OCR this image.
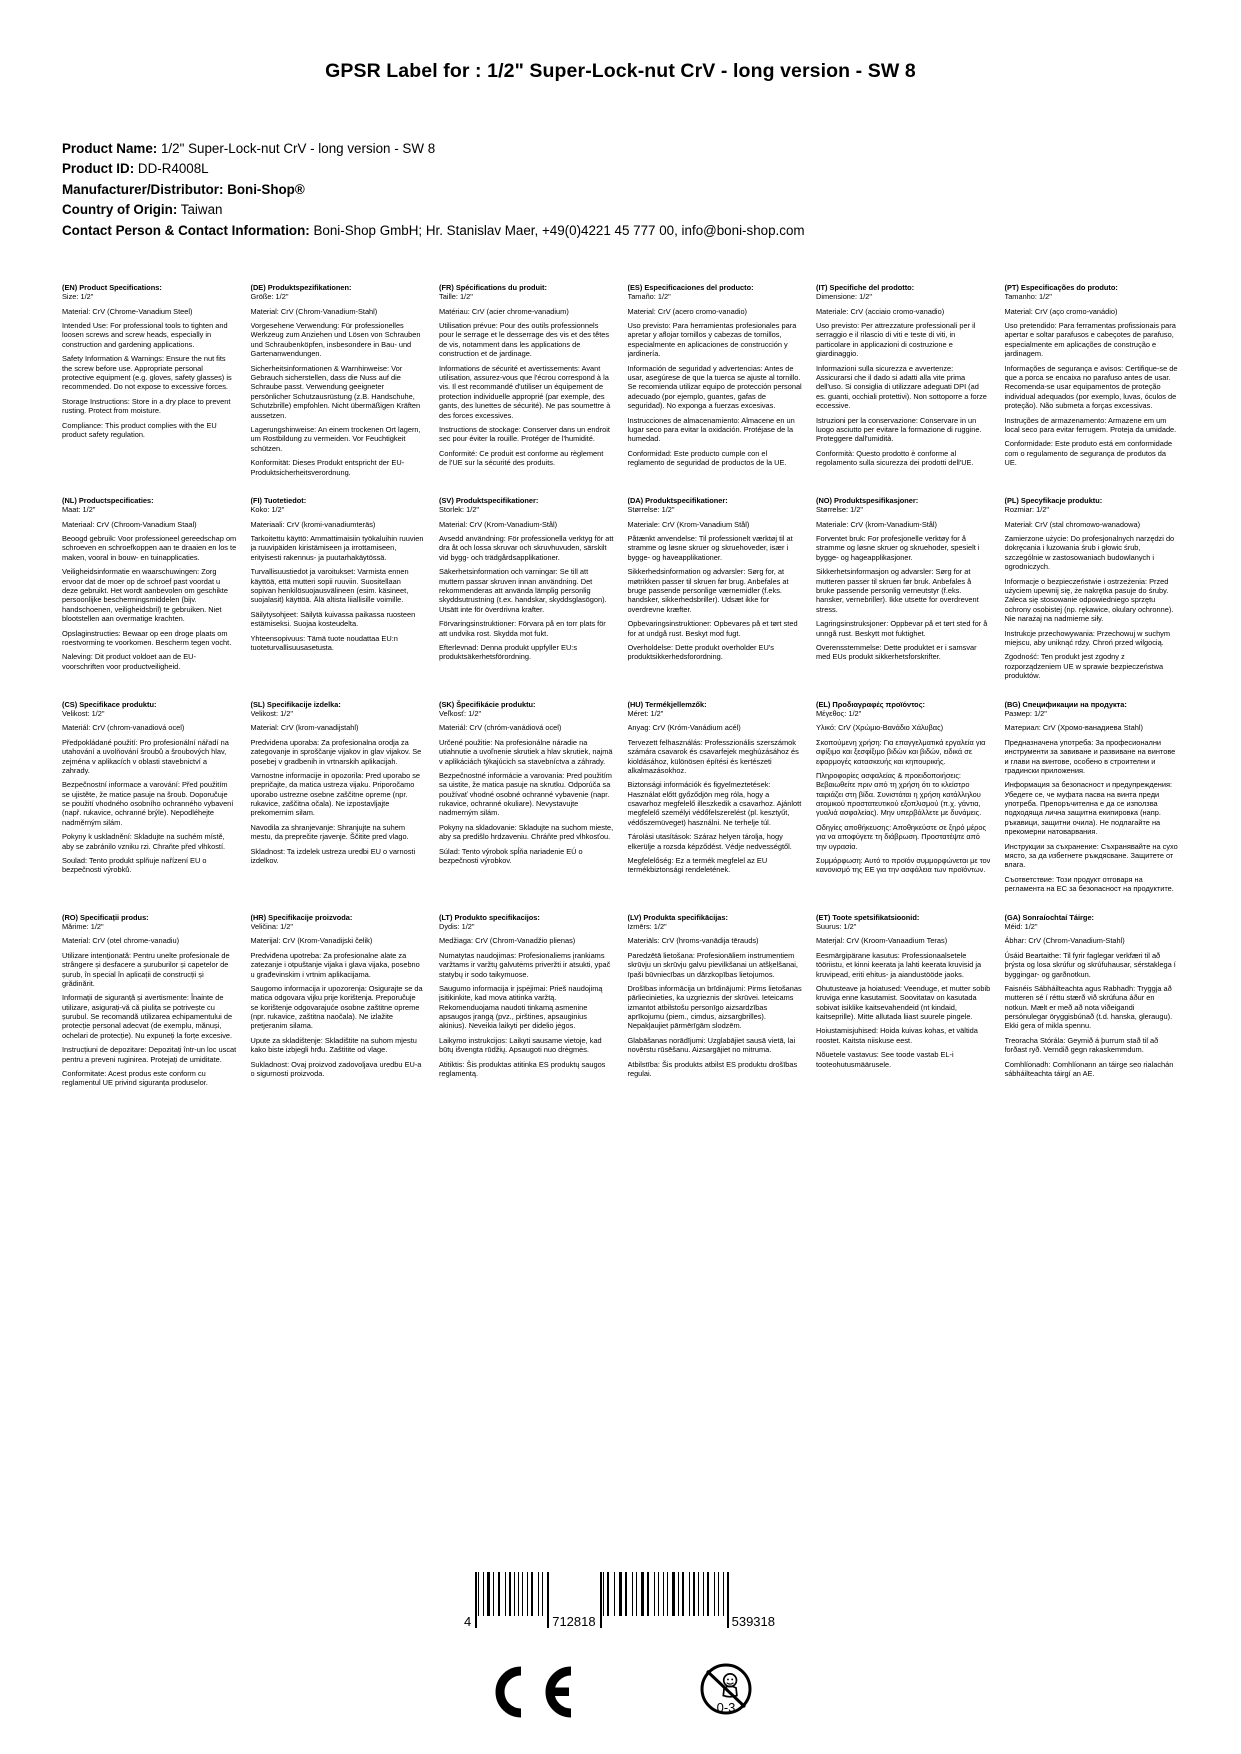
GPSR Label for : 1/2" Super-Lock-nut CrV - long version - SW 8
Product Name: 1/2" Super-Lock-nut CrV - long version - SW 8
Product ID: DD-R4008L
Manufacturer/Distributor: Boni-Shop®
Country of Origin: Taiwan
Contact Person & Contact Information: Boni-Shop GmbH; Hr. Stanislav Maer, +49(0)4221 45 777 00, info@boni-shop.com
(EN) Product Specifications:

Size: 1/2"

Material: CrV (Chrome-Vanadium Steel)

Intended Use: For professional tools to tighten and loosen screws and screw heads, especially in construction and gardening applications.

Safety Information & Warnings: Ensure the nut fits the screw before use. Appropriate personal protective equipment (e.g. gloves, safety glasses) is recommended. Do not expose to excessive forces.

Storage Instructions: Store in a dry place to prevent rusting. Protect from moisture.

Compliance: This product complies with the EU product safety regulation.

(DE) Produktspezifikationen:

Größe: 1/2"

Material: CrV (Chrom-Vanadium-Stahl)

Vorgesehene Verwendung: Für professionelles Werkzeug zum Anziehen und Lösen von Schrauben und Schraubenköpfen, insbesondere in Bau- und Gartenanwendungen.

Sicherheitsinformationen & Warnhinweise: Vor Gebrauch sicherstellen, dass die Nuss auf die Schraube passt. Verwendung geeigneter persönlicher Schutzausrüstung (z.B. Handschuhe, Schutzbrille) empfohlen. Nicht übermäßigen Kräften aussetzen.

Lagerungshinweise: An einem trockenen Ort lagern, um Rostbildung zu vermeiden. Vor Feuchtigkeit schützen.

Konformität: Dieses Produkt entspricht der EU-Produktsicherheitsverordnung.

(FR) Spécifications du produit:

Taille: 1/2"

Matériau: CrV (acier chrome-vanadium)

Utilisation prévue: Pour des outils professionnels pour le serrage et le desserrage des vis et des têtes de vis, notamment dans les applications de construction et de jardinage.

Informations de sécurité et avertissements: Avant utilisation, assurez-vous que l'écrou correspond à la vis. Il est recommandé d'utiliser un équipement de protection individuelle approprié (par exemple, des gants, des lunettes de sécurité). Ne pas soumettre à des forces excessives.

Instructions de stockage: Conserver dans un endroit sec pour éviter la rouille. Protéger de l'humidité.

Conformité: Ce produit est conforme au règlement de l'UE sur la sécurité des produits.

(ES) Especificaciones del producto:

Tamaño: 1/2"

Material: CrV (acero cromo-vanadio)

Uso previsto: Para herramientas profesionales para apretar y aflojar tornillos y cabezas de tornillos, especialmente en aplicaciones de construcción y jardinería.

Información de seguridad y advertencias: Antes de usar, asegúrese de que la tuerca se ajuste al tornillo. Se recomienda utilizar equipo de protección personal adecuado (por ejemplo, guantes, gafas de seguridad). No exponga a fuerzas excesivas.

Instrucciones de almacenamiento: Almacene en un lugar seco para evitar la oxidación. Protéjase de la humedad.

Conformidad: Este producto cumple con el reglamento de seguridad de productos de la UE.

(IT) Specifiche del prodotto:

Dimensione: 1/2"

Materiale: CrV (acciaio cromo-vanadio)

Uso previsto: Per attrezzature professionali per il serraggio e il rilascio di viti e teste di viti, in particolare in applicazioni di costruzione e giardinaggio.

Informazioni sulla sicurezza e avvertenze: Assicurarsi che il dado si adatti alla vite prima dell'uso. Si consiglia di utilizzare adeguati DPI (ad es. guanti, occhiali protettivi). Non sottoporre a forze eccessive.

Istruzioni per la conservazione: Conservare in un luogo asciutto per evitare la formazione di ruggine. Proteggere dall'umidità.

Conformità: Questo prodotto è conforme al regolamento sulla sicurezza dei prodotti dell'UE.

(PT) Especificações do produto:

Tamanho: 1/2"

Material: CrV (aço cromo-vanádio)

Uso pretendido: Para ferramentas profissionais para apertar e soltar parafusos e cabeçotes de parafuso, especialmente em aplicações de construção e jardinagem.

Informações de segurança e avisos: Certifique-se de que a porca se encaixa no parafuso antes de usar. Recomenda-se usar equipamentos de proteção individual adequados (por exemplo, luvas, óculos de proteção). Não submeta a forças excessivas.

Instruções de armazenamento: Armazene em um local seco para evitar ferrugem. Proteja da umidade.

Conformidade: Este produto está em conformidade com o regulamento de segurança de produtos da UE.

(NL) Productspecificaties:

Maat: 1/2"

Materiaal: CrV (Chroom-Vanadium Staal)

Beoogd gebruik: Voor professioneel gereedschap om schroeven en schroefkoppen aan te draaien en los te maken, vooral in bouw- en tuinapplicaties.

Veiligheidsinformatie en waarschuwingen: Zorg ervoor dat de moer op de schroef past voordat u deze gebruikt. Het wordt aanbevolen om geschikte persoonlijke beschermingsmiddelen (bijv. handschoenen, veiligheidsbril) te gebruiken. Niet blootstellen aan overmatige krachten.

Opslaginstructies: Bewaar op een droge plaats om roestvorming te voorkomen. Bescherm tegen vocht.

Naleving: Dit product voldoet aan de EU-voorschriften voor productveiligheid.

(FI) Tuotetiedot:

Koko: 1/2"

Materiaali: CrV (kromi-vanadiumteräs)

Tarkoitettu käyttö: Ammattimaisiin työkaluihin ruuvien ja ruuvipäiden kiristämiseen ja irrottamiseen, erityisesti rakennus- ja puutarhakäytössä.

Turvallisuustiedot ja varoitukset: Varmista ennen käyttöä, että mutteri sopii ruuviin. Suositellaan sopivan henkilösuojausvälineen (esim. käsineet, suojalasit) käyttöä. Älä altista liiallisille voimille.

Säilytysohjeet: Säilytä kuivassa paikassa ruosteen estämiseksi. Suojaa kosteudelta.

Yhteensopivuus: Tämä tuote noudattaa EU:n tuoteturvallisuusasetusta.

(SV) Produktspecifikationer:

Storlek: 1/2"

Material: CrV (Krom-Vanadium-Stål)

Avsedd användning: För professionella verktyg för att dra åt och lossa skruvar och skruvhuvuden, särskilt vid bygg- och trädgårdsapplikationer.

Säkerhetsinformation och varningar: Se till att muttern passar skruven innan användning. Det rekommenderas att använda lämplig personlig skyddsutrustning (t.ex. handskar, skyddsglasögon). Utsätt inte för överdrivna krafter.

Förvaringsinstruktioner: Förvara på en torr plats för att undvika rost. Skydda mot fukt.

Efterlevnad: Denna produkt uppfyller EU:s produktsäkerhetsförordning.

(DA) Produktspecifikationer:

Størrelse: 1/2"

Materiale: CrV (Krom-Vanadium Stål)

Påtænkt anvendelse: Til professionelt værktøj til at stramme og løsne skruer og skruehoveder, især i bygge- og haveapplikationer.

Sikkerhedsinformation og advarsler: Sørg for, at møtrikken passer til skruen før brug. Anbefales at bruge passende personlige værnemidler (f.eks. handsker, sikkerhedsbriller). Udsæt ikke for overdrevne kræfter.

Opbevaringsinstruktioner: Opbevares på et tørt sted for at undgå rust. Beskyt mod fugt.

Overholdelse: Dette produkt overholder EU's produktsikkerhedsforordning.

(NO) Produktspesifikasjoner:

Størrelse: 1/2"

Materiale: CrV (krom-Vanadium-Stål)

Forventet bruk: For profesjonelle verktøy for å stramme og løsne skruer og skruehoder, spesielt i bygge- og hageapplikasjoner.

Sikkerhetsinformasjon og advarsler: Sørg for at mutteren passer til skruen før bruk. Anbefales å bruke passende personlig verneutstyr (f.eks. hansker, vernebriller). Ikke utsette for overdrevent stress.

Lagringsinstruksjoner: Oppbevar på et tørt sted for å unngå rust. Beskytt mot fuktighet.

Overensstemmelse: Dette produktet er i samsvar med EUs produkt sikkerhetsforskrifter.

(PL) Specyfikacje produktu:

Rozmiar: 1/2"

Materiał: CrV (stal chromowo-wanadowa)

Zamierzone użycie: Do profesjonalnych narzędzi do dokręcania i luzowania śrub i głowic śrub, szczególnie w zastosowaniach budowlanych i ogrodniczych.

Informacje o bezpieczeństwie i ostrzeżenia: Przed użyciem upewnij się, że nakrętka pasuje do śruby. Zaleca się stosowanie odpowiedniego sprzętu ochrony osobistej (np. rękawice, okulary ochronne). Nie narażaj na nadmierne siły.

Instrukcje przechowywania: Przechowuj w suchym miejscu, aby uniknąć rdzy. Chroń przed wilgocią.

Zgodność: Ten produkt jest zgodny z rozporządzeniem UE w sprawie bezpieczeństwa produktów.

(CS) Specifikace produktu:

Velikost: 1/2"

Materiál: CrV (chrom-vanadiová ocel)

Předpokládané použití: Pro profesionální nářadí na utahování a uvolňování šroubů a šroubových hlav, zejména v aplikacích v oblasti stavebnictví a zahrady.

Bezpečnostní informace a varování: Před použitím se ujistěte, že matice pasuje na šroub. Doporučuje se použití vhodného osobního ochranného vybavení (např. rukavice, ochranné brýle). Nepodléhejte nadměrným silám.

Pokyny k uskladnění: Skladujte na suchém místě, aby se zabránilo vzniku rzi. Chraňte před vlhkostí.

Soulad: Tento produkt splňuje nařízení EU o bezpečnosti výrobků.

(SL) Specifikacije izdelka:

Velikost: 1/2"

Material: CrV (krom-vanadijstahl)

Predvidena uporaba: Za profesionalna orodja za zategovanje in sproščanje vijakov in glav vijakov. Se posebej v gradbenih in vrtnarskih aplikacijah.

Varnostne informacije in opozorila: Pred uporabo se prepričajte, da matica ustreza vijaku. Priporočamo uporabo ustrezne osebne zaščitne opreme (npr. rukavice, zaščitna očala). Ne izpostavljajte prekomernim silam.

Navodila za shranjevanje: Shranjujte na suhem mestu, da preprečite rjavenje. Ščitite pred vlago.

Skladnost: Ta izdelek ustreza uredbi EU o varnosti izdelkov.

(SK) Špecifikácie produktu:

Veľkosť: 1/2"

Materiál: CrV (chróm-vanádiová ocel)

Určené použitie: Na profesionálne náradie na utiahnutie a uvoľnenie skrutiek a hlav skrutiek, najmä v aplikáciách týkajúcich sa stavebníctva a záhrady.

Bezpečnostné informácie a varovania: Pred použitím sa uistite, že matica pasuje na skrutku. Odporúča sa používať vhodné osobné ochranné vybavenie (napr. rukavice, ochranné okuliare). Nevystavujte nadmerným silám.

Pokyny na skladovanie: Skladujte na suchom mieste, aby sa predišlo hrdzaveniu. Chráňte pred vlhkosťou.

Súlad: Tento výrobok spĺňa nariadenie EÚ o bezpečnosti výrobkov.

(HU) Termékjellemzők:

Méret: 1/2"

Anyag: CrV (Króm-Vanádium acél)

Tervezett felhasználás: Professzionális szerszámok számára csavarok és csavarfejek meghúzásához és kioldásához, különösen építési és kertészeti alkalmazásokhoz.

Biztonsági információk és figyelmeztetések: Használat előtt győződjön meg róla, hogy a csavarhoz megfelelő illeszkedik a csavarhoz. Ajánlott megfelelő személyi védőfelszerelést (pl. kesztyűt, védőszemüveget) használni. Ne terhelje túl.

Tárolási utasítások: Száraz helyen tárolja, hogy elkerülje a rozsda képződést. Védje nedvességtől.

Megfelelőség: Ez a termék megfelel az EU termékbiztonsági rendeletének.

(EL) Προδιαγραφές προϊόντος:

Μέγεθος: 1/2"

Υλικό: CrV (Χρώμιο-Βανάδιο Χάλυβας)

Σκοπούμενη χρήση: Για επαγγελματικά εργαλεία για σφίξιμο και ξεσφίξιμο βιδών και βιδών, ειδικά σε εφαρμογές κατασκευής και κηπουρικής.

Πληροφορίες ασφαλείας & προειδοποιήσεις: Βεβαιωθείτε πριν από τη χρήση ότι το κλείστρο ταιριάζει στη βίδα. Συνιστάται η χρήση κατάλληλου ατομικού προστατευτικού εξοπλισμού (π.χ. γάντια, γυαλιά ασφαλείας). Μην υπερβάλλετε με δυνάμεις.

Οδηγίες αποθήκευσης: Αποθηκεύστε σε ξηρό μέρος για να αποφύγετε τη διάβρωση. Προστατέψτε από την υγρασία.

Συμμόρφωση: Αυτό το προϊόν συμμορφώνεται με τον κανονισμό της ΕΕ για την ασφάλεια των προϊόντων.

(BG) Спецификации на продукта:

Размер: 1/2"

Материал: CrV (Хромо-ванадиева Stahl)

Предназначена употреба: За професионални инструменти за завиване и развиване на винтове и глави на винтове, особено в строителни и градински приложения.

Информация за безопасност и предупреждения: Убедете се, че муфата пасва на винта преди употреба. Препоръчителна е да се използва подходяща лична защитна екипировка (напр. ръкавици, защитни очила). Не подлагайте на прекомерни натоварвания.

Инструкции за съхранение: Съхранявайте на сухо място, за да избегнете ръждясване. Защитете от влага.

Съответствие: Този продукт отговаря на регламента на ЕС за безопасност на продуктите.

(RO) Specificații produs:

Mărime: 1/2"

Material: CrV (otel chrome-vanadiu)

Utilizare intenționată: Pentru unelte profesionale de strângere și desfacere a șuruburilor și capetelor de șurub, în special în aplicații de construcții și grădinărit.

Informații de siguranță și avertismente: Înainte de utilizare, asigurați-vă că piulița se potrivește cu șurubul. Se recomandă utilizarea echipamentului de protecție personal adecvat (de exemplu, mănuși, ochelari de protecție). Nu expuneți la forțe excesive.

Instrucțiuni de depozitare: Depozitați într-un loc uscat pentru a preveni ruginirea. Protejați de umiditate.

Conformitate: Acest produs este conform cu reglamentul UE privind siguranța produselor.

(HR) Specifikacije proizvoda:

Veličina: 1/2"

Materijal: CrV (Krom-Vanadijski čelik)

Predviđena upotreba: Za profesionalne alate za zatezanje i otpuštanje vijaka i glava vijaka, posebno u građevinskim i vrtnim aplikacijama.

Saugomo informacija ir upozorenja: Osigurajte se da matica odgovara vijku prije korištenja. Preporučuje se korištenje odgovarajuće osobne zaštitne opreme (npr. rukavice, zaštitna naočala). Ne izlažite pretjeranim silama.

Upute za skladištenje: Skladištite na suhom mjestu kako biste izbjegli hrđu. Zaštitite od vlage.

Sukladnost: Ovaj proizvod zadovoljava uredbu EU-a o sigurnosti proizvoda.

(LT) Produkto specifikacijos:

Dydis: 1/2"

Medžiaga: CrV (Chrom-Vanadžio plienas)

Numatytas naudojimas: Profesionaliems įrankiams varžtams ir varžtų galvutėms priveržti ir atsukti, ypač statybų ir sodo taikymuose.

Saugumo informacija ir įspėjimai: Prieš naudojimą įsitikinkite, kad mova atitinka varžtą. Rekomenduojama naudoti tinkamą asmenine apsaugos įrangą (pvz., pirštines, apsauginius akinius). Neveikia laikyti per didelio jėgos.

Laikymo instrukcijos: Laikyti sausame vietoje, kad būtų išvengta rūdžių. Apsaugoti nuo drėgmės.

Atitiktis: Šis produktas atitinka ES produktų saugos reglamentą.

(LV) Produkta specifikācijas:

Izmērs: 1/2"

Materiāls: CrV (hroms-vanādija tērauds)

Paredzētā lietošana: Profesionāliem instrumentiem skrūvju un skrūvju galvu pievilkšanai un atšķelšanai, īpaši būvniecības un dārzkopības lietojumos.

Drošības informācija un brīdinājumi: Pirms lietošanas pārliecinieties, ka uzgrieznis der skrūvei. Ieteicams izmantot atbilstošu personīgo aizsardzības aprīkojumu (piem., cimdus, aizsargbrilles). Nepakļaujiet pārmērīgām slodzēm.

Glabāšanas norādījumi: Uzglabājiet sausā vietā, lai novērstu rūsēšanu. Aizsargājiet no mitruma.

Atbilstība: Šis produkts atbilst ES produktu drošības regulai.

(ET) Toote spetsifikatsioonid:

Suurus: 1/2"

Materjal: CrV (Kroom-Vanaadium Teras)

Eesmärgipärane kasutus: Professionaalsetele tööriistu, et kinni keerata ja lahti keerata kruvisid ja kruvipead, eriti ehitus- ja aiandustööde jaoks.

Ohutusteave ja hoiatused: Veenduge, et mutter sobib kruviga enne kasutamist. Soovitatav on kasutada sobivat isiklike kaitsevahendeid (nt kindaid, kaitseprille). Mitte allutada liiast suurele pingele.

Hoiustamisjuhised: Hoida kuivas kohas, et vältida roostet. Kaitsta niiskuse eest.

Nõuetele vastavus: See toode vastab EL-i tooteohutusmäärusele.

(GA) Sonraíochtaí Táirge:

Méid: 1/2"

Ábhar: CrV (Chrom-Vanadium-Stahl)

Úsáid Beartaithe: Til fyrir faglegar verkfæri til að þrýsta og losa skrúfur og skrúfuhausar, sérstaklega í byggingar- og garðnotkun.

Faisnéis Sábháilteachta agus Rabhadh: Tryggja að mutteren sé í réttu stærð við skrúfuna áður en notkun. Mælt er með að nota viðeigandi persónulegar öryggisbúnað (t.d. hanska, gleraugu). Ekki gera of mikla spennu.

Treoracha Stórála: Geymið á þurrum stað til að forðast ryð. Verndið gegn rakaskemmdum.

Comhlíonadh: Comhlíonann an táirge seo rialachán sábháilteachta táirgí an AE.

4	712818	539318
0-3
